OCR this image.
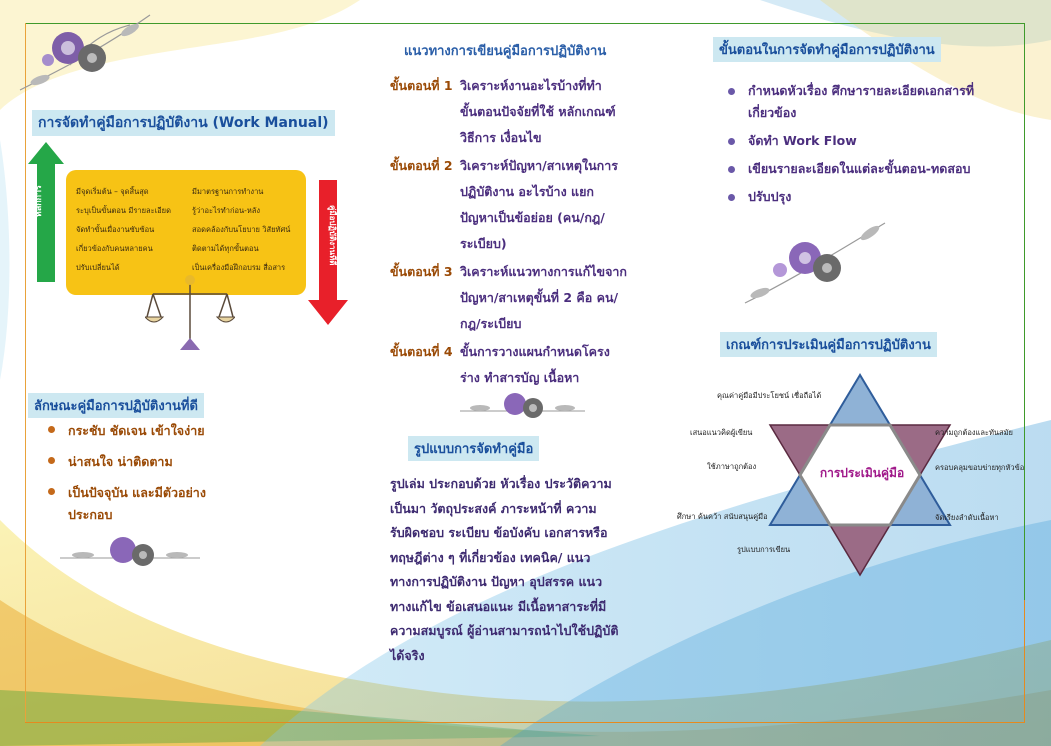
การจัดทำคู่มือการปฏิบัติงาน (Work Manual)
หลักการ	มีจุดเริ่มต้น – จุดสิ้นสุด
ระบุเป็นขั้นตอน มีรายละเอียด
จัดทำขั้นเมื่องานซับซ้อน
เกี่ยวข้องกับคนหลายคน
ปรับเปลี่ยนได้
มีมาตรฐานการทำงาน
รู้ว่าอะไรทำก่อน-หลัง
สอดคล้องกับนโยบาย วิสัยทัศน์
ติดตามได้ทุกขั้นตอน
เป็นเครื่องมือฝึกอบรม สื่อสาร
คู่มือปฏิบัติงานที่ดี
ลักษณะคู่มือการปฏิบัติงานที่ดี
กระชับ ชัดเจน เข้าใจง่าย
น่าสนใจ น่าติดตาม
เป็นปัจจุบัน และมีตัวอย่างประกอบ
แนวทางการเขียนคู่มือการปฏิบัติงาน
ขั้นตอนที่ 1 วิเคราะห์งานอะไรบ้างที่ทำ
ขั้นตอนปัจจัยที่ใช้ หลักเกณฑ์
วิธีการ เงื่อนไข
ขั้นตอนที่ 2 วิเคราะห์ปัญหา/สาเหตุในการ
ปฏิบัติงาน อะไรบ้าง แยก
ปัญหาเป็นข้อย่อย (คน/กฎ/
ระเบียบ)
ขั้นตอนที่ 3 วิเคราะห์แนวทางการแก้ไขจาก
ปัญหา/สาเหตุขั้นที่ 2 คือ คน/
กฎ/ระเบียบ
ขั้นตอนที่ 4 ขั้นการวางแผนกำหนดโครง
ร่าง ทำสารบัญ เนื้อหา
รูปแบบการจัดทำคู่มือ
รูปเล่ม ประกอบด้วย หัวเรื่อง ประวัติความ
เป็นมา วัตถุประสงค์ ภาระหน้าที่ ความ
รับผิดชอบ ระเบียบ ข้อบังคับ เอกสารหรือ
ทฤษฎีต่าง ๆ ที่เกี่ยวข้อง เทคนิค/ แนว
ทางการปฏิบัติงาน ปัญหา อุปสรรค แนว
ทางแก้ไข ข้อเสนอแนะ มีเนื้อหาสาระที่มี
ความสมบูรณ์ ผู้อ่านสามารถนำไปใช้ปฏิบัติ
ได้จริง
ขั้นตอนในการจัดทำคู่มือการปฏิบัติงาน
กำหนดหัวเรื่อง ศึกษารายละเอียดเอกสารที่
เกี่ยวข้อง
จัดทำ Work Flow
เขียนรายละเอียดในแต่ละขั้นตอน-ทดสอบ
ปรับปรุง
เกณฑ์การประเมินคู่มือการปฏิบัติงาน
การประเมินคู่มือ
คุณค่าคู่มือมีประโยชน์ เชื่อถือได้
ความถูกต้องและทันสมัย
ครอบคลุมขอบข่ายทุกหัวข้อ
จัดเรียงลำดับเนื้อหา
รูปแบบการเขียน
ศึกษา ค้นคว้า สนับสนุนคู่มือ
ใช้ภาษาถูกต้อง
เสนอแนวคิดผู้เขียน
